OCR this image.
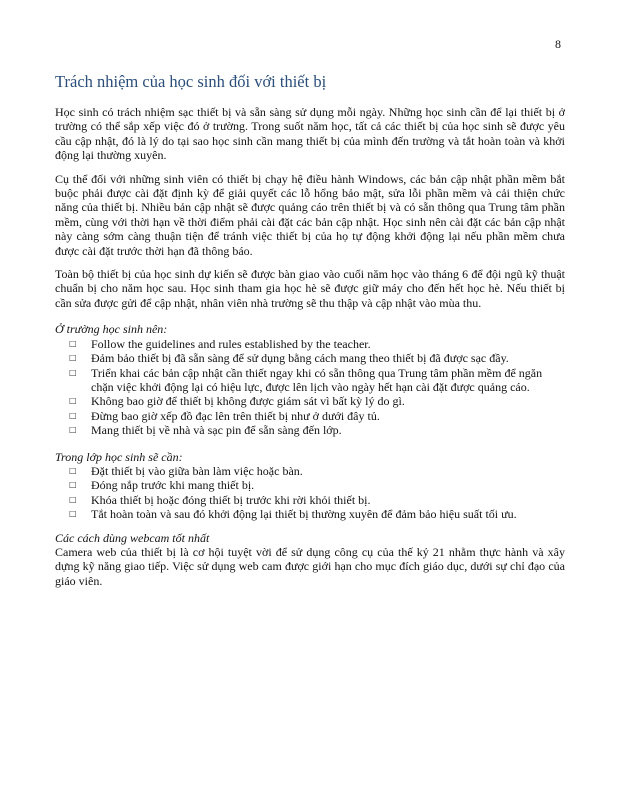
8
Trách nhiệm của học sinh đối với thiết bị

Học sinh có trách nhiệm sạc thiết bị và sẵn sàng sử dụng mỗi ngày. Những học sinh cần để lại thiết bị ở trường có thể sắp xếp việc đó ở trường. Trong suốt năm học, tất cả các thiết bị của học sinh sẽ được yêu cầu cập nhật, đó là lý do tại sao học sinh cần mang thiết bị của mình đến trường và tắt hoàn toàn và khởi động lại thường xuyên.

Cụ thể đối với những sinh viên có thiết bị chạy hệ điều hành Windows, các bản cập nhật phần mềm bắt buộc phải được cài đặt định kỳ để giải quyết các lỗ hổng bảo mật, sửa lỗi phần mềm và cải thiện chức năng của thiết bị. Nhiều bản cập nhật sẽ được quảng cáo trên thiết bị và có sẵn thông qua Trung tâm phần mềm, cùng với thời hạn về thời điểm phải cài đặt các bản cập nhật. Học sinh nên cài đặt các bản cập nhật này càng sớm càng thuận tiện để tránh việc thiết bị của họ tự động khởi động lại nếu phần mềm chưa được cài đặt trước thời hạn đã thông báo.

Toàn bộ thiết bị của học sinh dự kiến sẽ được bàn giao vào cuối năm học vào tháng 6 để đội ngũ kỹ thuật chuẩn bị cho năm học sau. Học sinh tham gia học hè sẽ được giữ máy cho đến hết học hè. Nếu thiết bị cần sửa được gửi để cập nhật, nhân viên nhà trường sẽ thu thập và cập nhật vào mùa thu.

Ở trường học sinh nên:

□	Follow the guidelines and rules established by the teacher.
□	Đảm bảo thiết bị đã sẵn sàng để sử dụng bằng cách mang theo thiết bị đã được sạc đầy.
□	Triển khai các bản cập nhật cần thiết ngay khi có sẵn thông qua Trung tâm phần mềm để ngăn chặn việc khởi động lại có hiệu lực, được lên lịch vào ngày hết hạn cài đặt được quảng cáo.
□	Không bao giờ để thiết bị không được giám sát vì bất kỳ lý do gì.
□	Đừng bao giờ xếp đồ đạc lên trên thiết bị như ở dưới đây tủ.
□	Mang thiết bị về nhà và sạc pin để sẵn sàng đến lớp.

Trong lớp học sinh sẽ cần:

□	Đặt thiết bị vào giữa bàn làm việc hoặc bàn.
□	Đóng nắp trước khi mang thiết bị.
□	Khóa thiết bị hoặc đóng thiết bị trước khi rời khỏi thiết bị.
□	Tắt hoàn toàn và sau đó khởi động lại thiết bị thường xuyên để đảm bảo hiệu suất tối ưu.

Các cách dùng webcam tốt nhất

Camera web của thiết bị là cơ hội tuyệt vời để sử dụng công cụ của thế kỷ 21 nhằm thực hành và xây dựng kỹ năng giao tiếp. Việc sử dụng web cam được giới hạn cho mục đích giáo dục, dưới sự chỉ đạo của giáo viên.
